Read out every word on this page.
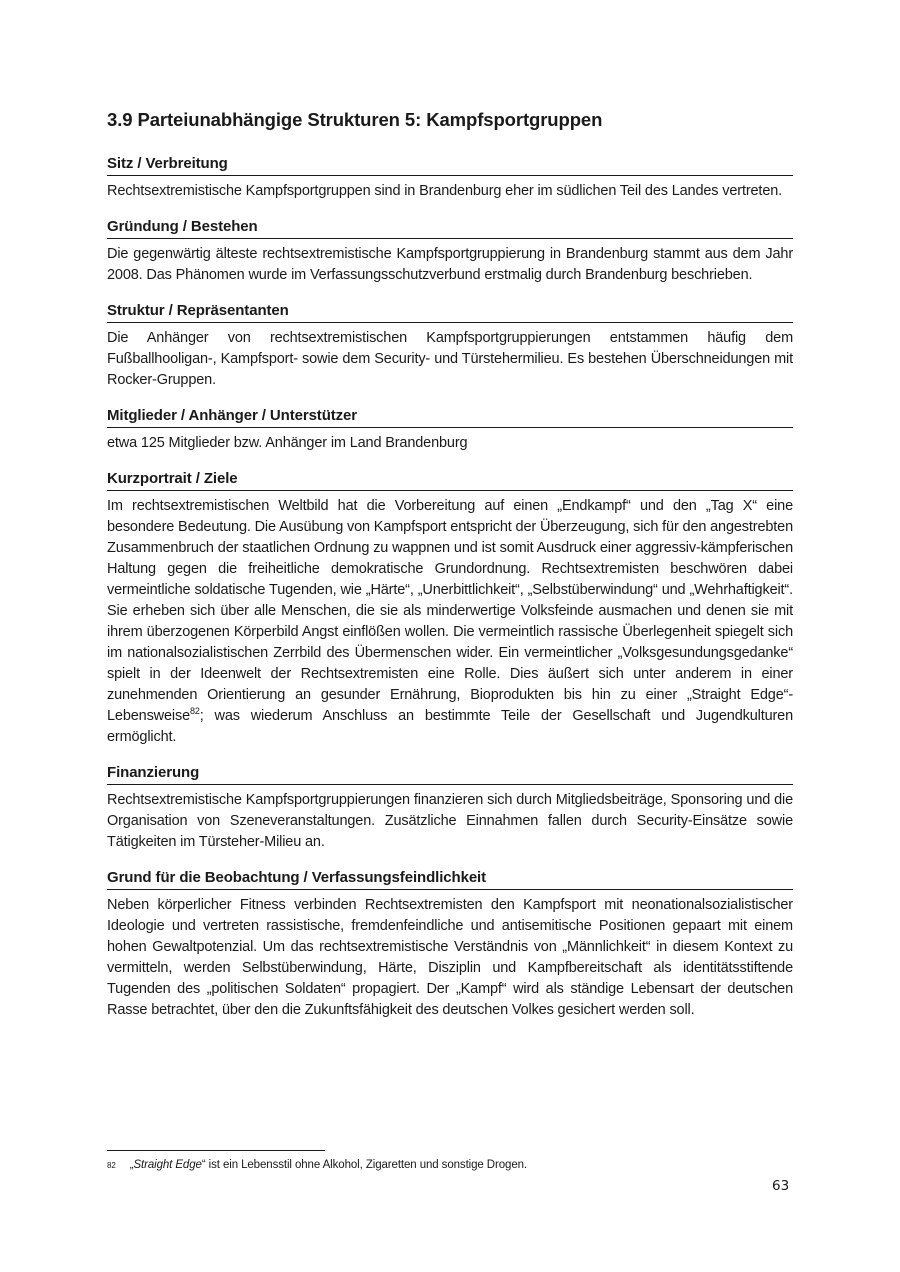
3.9 Parteiunabhängige Strukturen 5: Kampfsportgruppen
Sitz / Verbreitung

Rechtsextremistische Kampfsportgruppen sind in Brandenburg eher im südlichen Teil des Landes vertreten.

Gründung / Bestehen

Die gegenwärtig älteste rechtsextremistische Kampfsportgruppierung in Brandenburg stammt aus dem Jahr 2008. Das Phänomen wurde im Verfassungsschutzverbund erstmalig durch Brandenburg beschrieben.

Struktur / Repräsentanten

Die Anhänger von rechtsextremistischen Kampfsportgruppierungen entstammen häufig dem Fußballhooligan-, Kampfsport- sowie dem Security- und Türstehermilieu. Es bestehen Überschneidungen mit Rocker-Gruppen.

Mitglieder / Anhänger / Unterstützer

etwa 125 Mitglieder bzw. Anhänger im Land Brandenburg

Kurzportrait / Ziele

Im rechtsextremistischen Weltbild hat die Vorbereitung auf einen „Endkampf“ und den „Tag X“ eine besondere Bedeutung. Die Ausübung von Kampfsport entspricht der Überzeugung, sich für den angestrebten Zusammenbruch der staatlichen Ordnung zu wappnen und ist somit Ausdruck einer aggressiv-kämpferischen Haltung gegen die freiheitliche demokratische Grundordnung. Rechtsextremisten beschwören dabei vermeintliche soldatische Tugenden, wie „Härte“, „Unerbittlichkeit“, „Selbstüberwindung“ und „Wehrhaftigkeit“. Sie erheben sich über alle Menschen, die sie als minderwertige Volksfeinde ausmachen und denen sie mit ihrem überzogenen Körperbild Angst einflößen wollen. Die vermeintlich rassische Überlegenheit spiegelt sich im nationalsozialistischen Zerrbild des Übermenschen wider. Ein vermeintlicher „Volksgesundungsgedanke“ spielt in der Ideenwelt der Rechtsextremisten eine Rolle. Dies äußert sich unter anderem in einer zunehmenden Orientierung an gesunder Ernährung, Bioprodukten bis hin zu einer „Straight Edge“-Lebensweise$^{82}$; was wiederum Anschluss an bestimmte Teile der Gesellschaft und Jugendkulturen ermöglicht.

Finanzierung

Rechtsextremistische Kampfsportgruppierungen finanzieren sich durch Mitgliedsbeiträge, Sponsoring und die Organisation von Szeneveranstaltungen. Zusätzliche Einnahmen fallen durch Security-Einsätze sowie Tätigkeiten im Türsteher-Milieu an.

Grund für die Beobachtung / Verfassungsfeindlichkeit

Neben körperlicher Fitness verbinden Rechtsextremisten den Kampfsport mit neonationalsozialistischer Ideologie und vertreten rassistische, fremdenfeindliche und antisemitische Positionen gepaart mit einem hohen Gewaltpotenzial. Um das rechtsextremistische Verständnis von „Männlichkeit“ in diesem Kontext zu vermitteln, werden Selbstüberwindung, Härte, Disziplin und Kampfbereitschaft als identitätsstiftende Tugenden des „politischen Soldaten“ propagiert. Der „Kampf“ wird als ständige Lebensart der deutschen Rasse betrachtet, über den die Zukunftsfähigkeit des deutschen Volkes gesichert werden soll.

$^{82}$ „Straight Edge“ ist ein Lebensstil ohne Alkohol, Zigaretten und sonstige Drogen.
63
